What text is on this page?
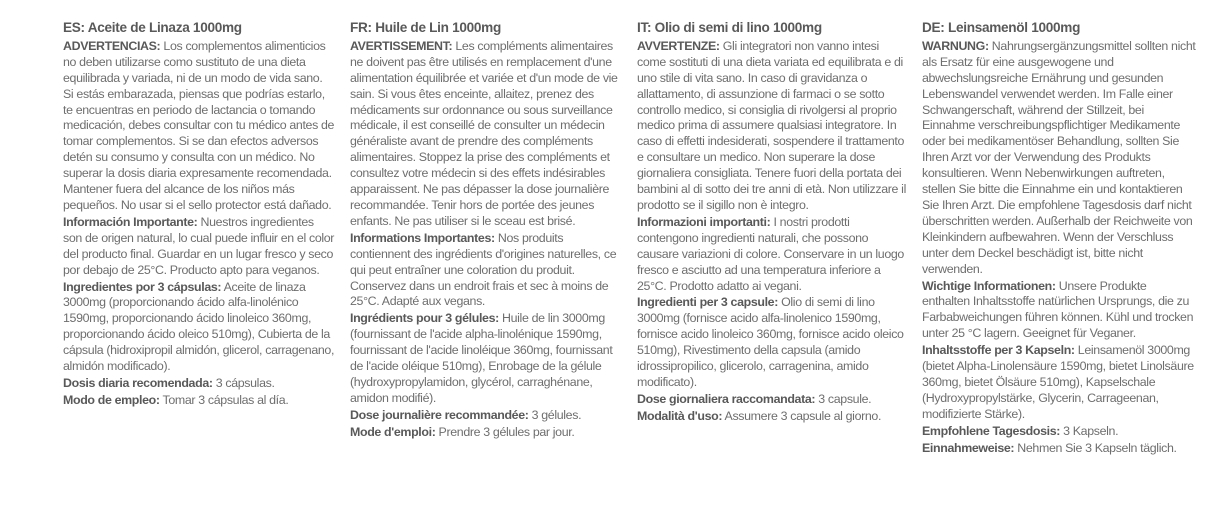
ES: Aceite de Linaza 1000mg

ADVERTENCIAS: Los complementos alimenticios no deben utilizarse como sustituto de una dieta equilibrada y variada, ni de un modo de vida sano. Si estás embarazada, piensas que podrías estarlo, te encuentras en periodo de lactancia o tomando medicación, debes consultar con tu médico antes de tomar complementos. Si se dan efectos adversos detén su consumo y consulta con un médico. No superar la dosis diaria expresamente recomendada. Mantener fuera del alcance de los niños más pequeños. No usar si el sello protector está dañado.

Información Importante: Nuestros ingredientes son de origen natural, lo cual puede influir en el color del producto final. Guardar en un lugar fresco y seco por debajo de 25°C. Producto apto para veganos.

Ingredientes por 3 cápsulas: Aceite de linaza 3000mg (proporcionando ácido alfa-linolénico 1590mg, proporcionando ácido linoleico 360mg, proporcionando ácido oleico 510mg), Cubierta de la cápsula (hidroxipropil almidón, glicerol, carragenano, almidón modificado).

Dosis diaria recomendada: 3 cápsulas.

Modo de empleo: Tomar 3 cápsulas al día.

FR: Huile de Lin 1000mg

AVERTISSEMENT: Les compléments alimentaires ne doivent pas être utilisés en remplacement d'une alimentation équilibrée et variée et d'un mode de vie sain. Si vous êtes enceinte, allaitez, prenez des médicaments sur ordonnance ou sous surveillance médicale, il est conseillé de consulter un médecin généraliste avant de prendre des compléments alimentaires. Stoppez la prise des compléments et consultez votre médecin si des effets indésirables apparaissent. Ne pas dépasser la dose journalière recommandée. Tenir hors de portée des jeunes enfants. Ne pas utiliser si le sceau est brisé.

Informations Importantes: Nos produits contiennent des ingrédients d'origines naturelles, ce qui peut entraîner une coloration du produit. Conservez dans un endroit frais et sec à moins de 25°C. Adapté aux vegans.

Ingrédients pour 3 gélules: Huile de lin 3000mg (fournissant de l'acide alpha-linolénique 1590mg, fournissant de l'acide linoléique 360mg, fournissant de l'acide oléique 510mg), Enrobage de la gélule (hydroxypropylamidon, glycérol, carraghénane, amidon modifié).

Dose journalière recommandée: 3 gélules.

Mode d'emploi: Prendre 3 gélules par jour.

IT: Olio di semi di lino 1000mg

AVVERTENZE: Gli integratori non vanno intesi come sostituti di una dieta variata ed equilibrata e di uno stile di vita sano. In caso di gravidanza o allattamento, di assunzione di farmaci o se sotto controllo medico, si consiglia di rivolgersi al proprio medico prima di assumere qualsiasi integratore. In caso di effetti indesiderati, sospendere il trattamento e consultare un medico. Non superare la dose giornaliera consigliata. Tenere fuori della portata dei bambini al di sotto dei tre anni di età. Non utilizzare il prodotto se il sigillo non è integro.

Informazioni importanti: I nostri prodotti contengono ingredienti naturali, che possono causare variazioni di colore. Conservare in un luogo fresco e asciutto ad una temperatura inferiore a 25°C. Prodotto adatto ai vegani.

Ingredienti per 3 capsule: Olio di semi di lino 3000mg (fornisce acido alfa-linolenico 1590mg, fornisce acido linoleico 360mg, fornisce acido oleico 510mg), Rivestimento della capsula (amido idrossipropilico, glicerolo, carragenina, amido modificato).

Dose giornaliera raccomandata: 3 capsule.

Modalità d'uso: Assumere 3 capsule al giorno.

DE: Leinsamenöl 1000mg

WARNUNG: Nahrungsergänzungsmittel sollten nicht als Ersatz für eine ausgewogene und abwechslungsreiche Ernährung und gesunden Lebenswandel verwendet werden. Im Falle einer Schwangerschaft, während der Stillzeit, bei Einnahme verschreibungspflichtiger Medikamente oder bei medikamentöser Behandlung, sollten Sie Ihren Arzt vor der Verwendung des Produkts konsultieren. Wenn Nebenwirkungen auftreten, stellen Sie bitte die Einnahme ein und kontaktieren Sie Ihren Arzt. Die empfohlene Tagesdosis darf nicht überschritten werden. Außerhalb der Reichweite von Kleinkindern aufbewahren. Wenn der Verschluss unter dem Deckel beschädigt ist, bitte nicht verwenden.

Wichtige Informationen: Unsere Produkte enthalten Inhaltsstoffe natürlichen Ursprungs, die zu Farbabweichungen führen können. Kühl und trocken unter 25 °C lagern. Geeignet für Veganer.

Inhaltsstoffe per 3 Kapseln: Leinsamenöl 3000mg (bietet Alpha-Linolensäure 1590mg, bietet Linolsäure 360mg, bietet Ölsäure 510mg), Kapselschale (Hydroxypropylstärke, Glycerin, Carrageenan, modifizierte Stärke).

Empfohlene Tagesdosis: 3 Kapseln.

Einnahmeweise: Nehmen Sie 3 Kapseln täglich.
